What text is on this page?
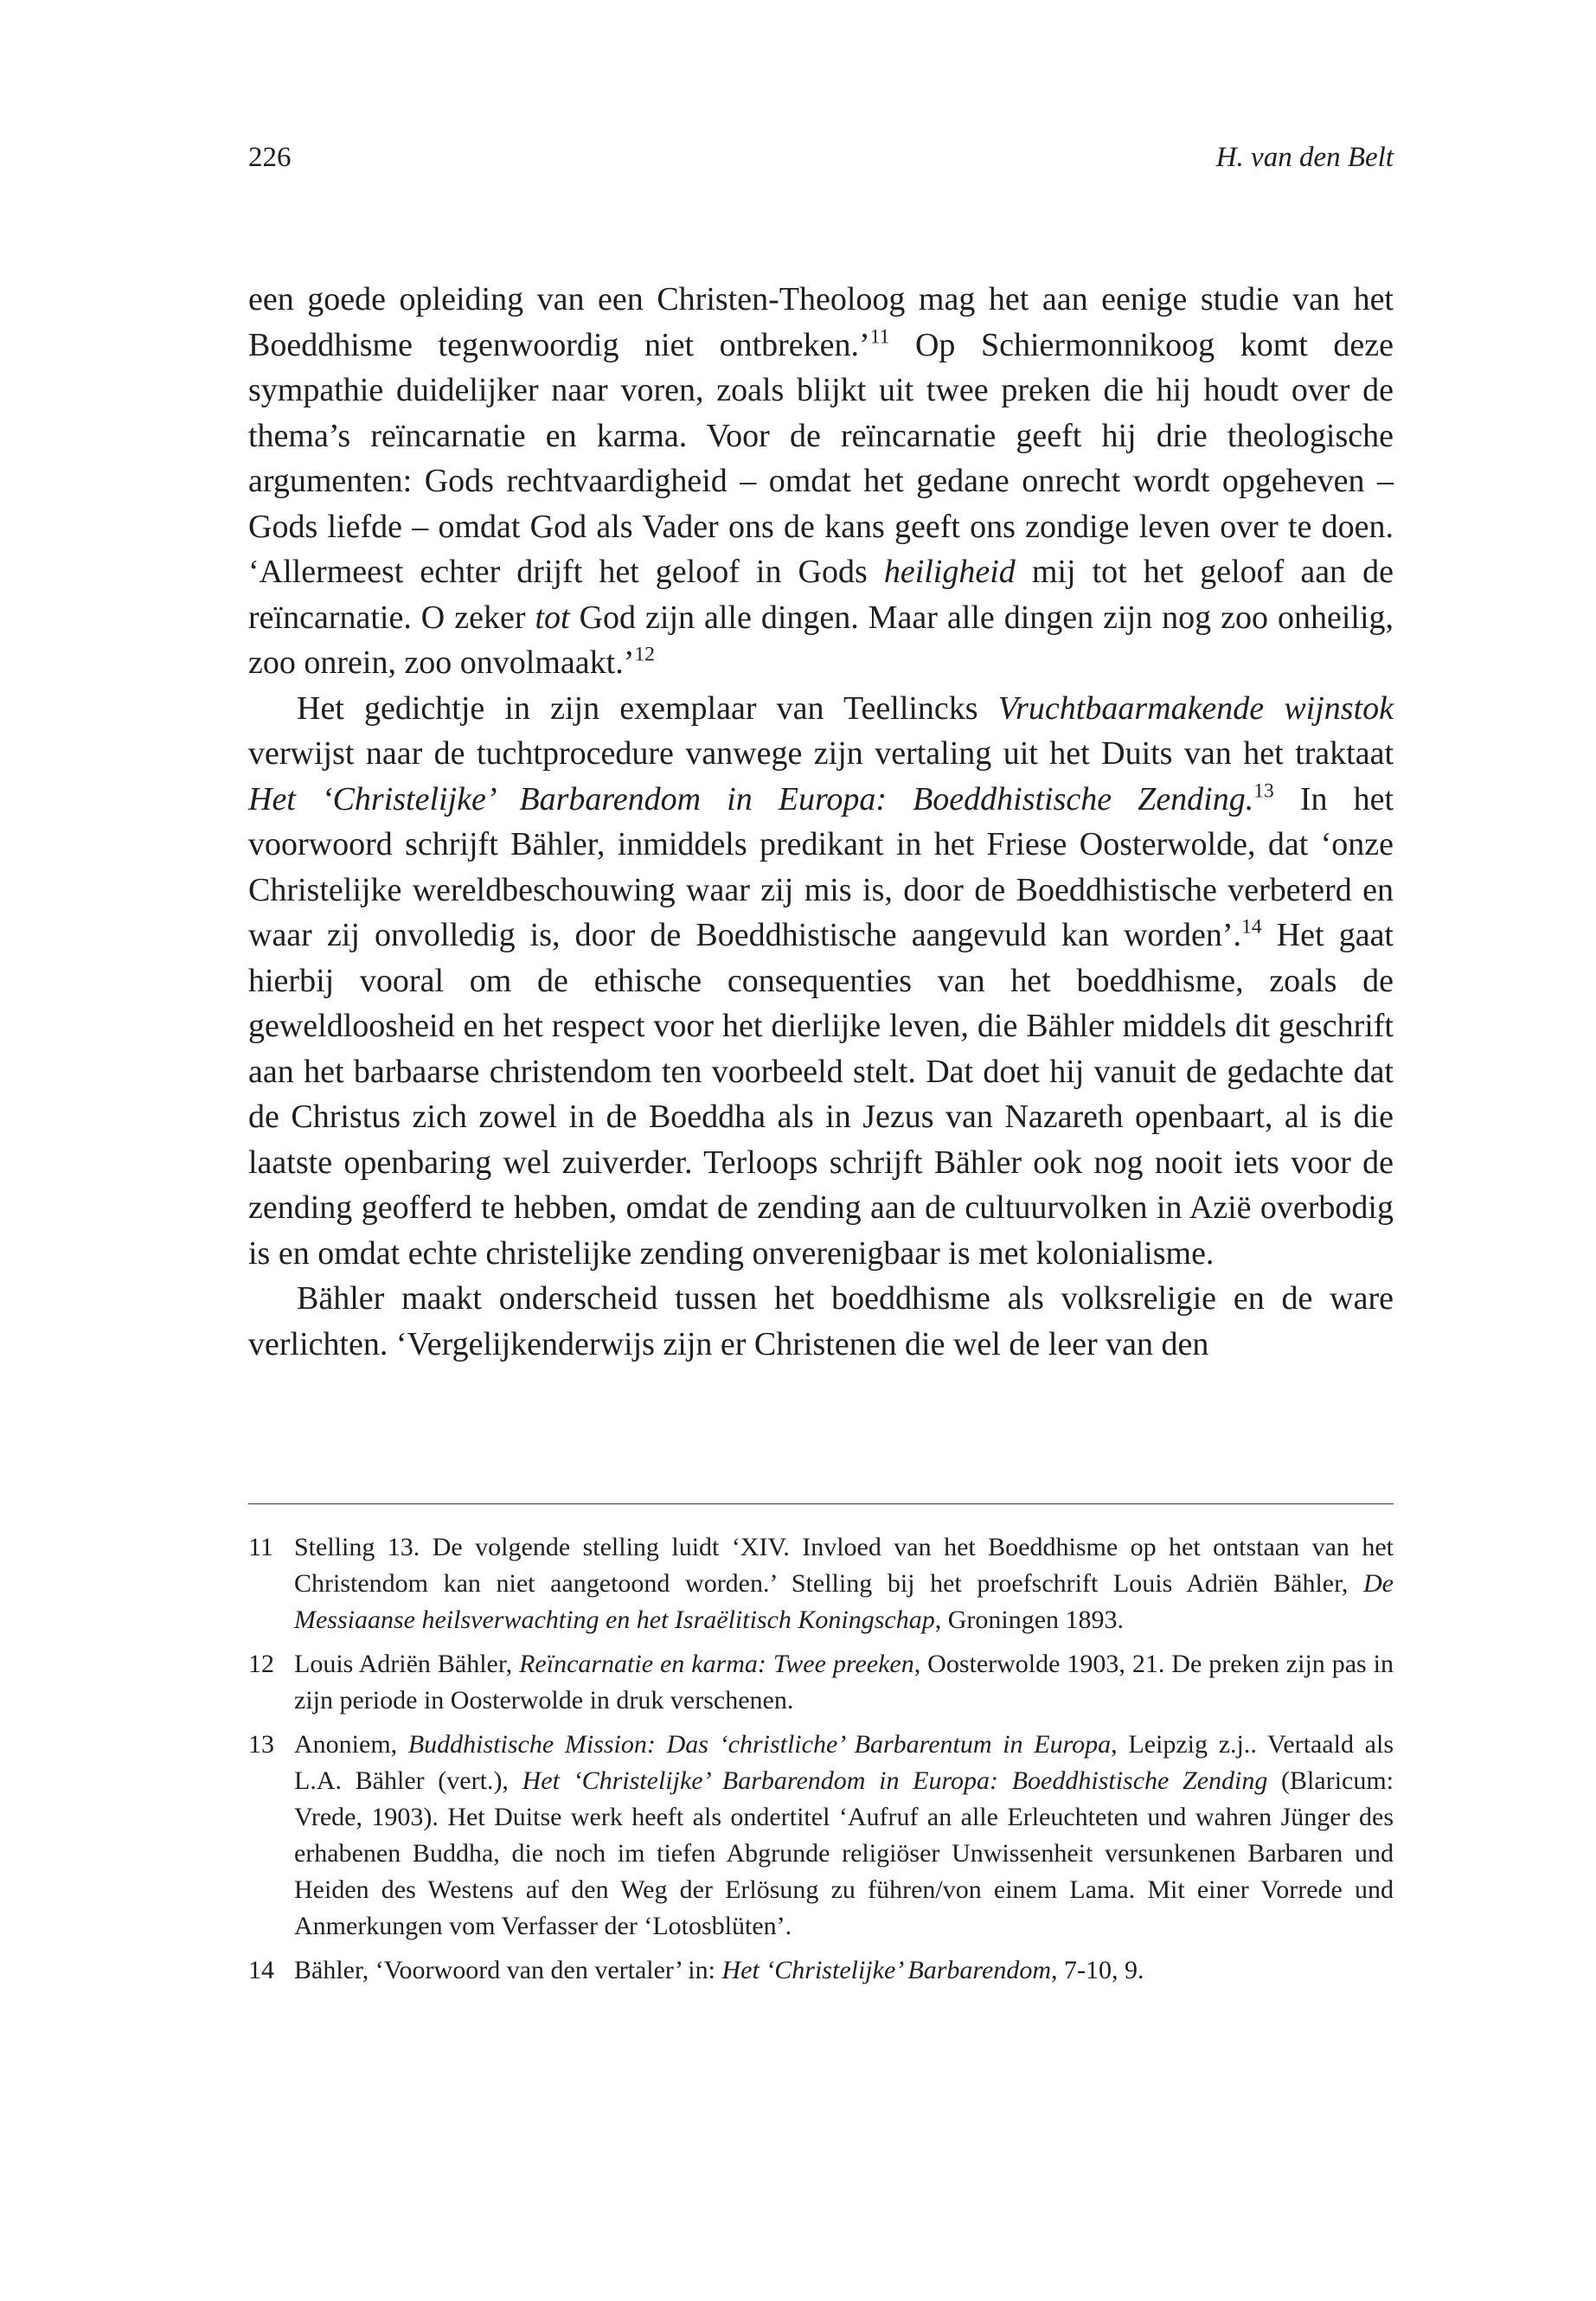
226	H. van den Belt

een goede opleiding van een Christen-Theoloog mag het aan eenige studie van het Boeddhisme tegenwoordig niet ontbreken.’$^{11}$ Op Schiermonnikoog komt deze sympathie duidelijker naar voren, zoals blijkt uit twee preken die hij houdt over de thema’s reïncarnatie en karma. Voor de reïncarnatie geeft hij drie theologische argumenten: Gods rechtvaardigheid – omdat het gedane onrecht wordt opgeheven – Gods liefde – omdat God als Vader ons de kans geeft ons zondige leven over te doen. ‘Allermeest echter drijft het geloof in Gods heiligheid mij tot het geloof aan de reïncarnatie. O zeker tot God zijn alle dingen. Maar alle dingen zijn nog zoo onheilig, zoo onrein, zoo onvolmaakt.’$^{12}$

Het gedichtje in zijn exemplaar van Teellincks Vruchtbaarmakende wijnstok verwijst naar de tuchtprocedure vanwege zijn vertaling uit het Duits van het traktaat Het ‘Christelijke’ Barbarendom in Europa: Boeddhistische Zending.$^{13}$ In het voorwoord schrijft Bähler, inmiddels predikant in het Friese Oosterwolde, dat ‘onze Christelijke wereldbeschouwing waar zij mis is, door de Boeddhistische verbeterd en waar zij onvolledig is, door de Boeddhistische aangevuld kan worden’.$^{14}$ Het gaat hierbij vooral om de ethische consequenties van het boeddhisme, zoals de geweldloosheid en het respect voor het dierlijke leven, die Bähler middels dit geschrift aan het barbaarse christendom ten voorbeeld stelt. Dat doet hij vanuit de gedachte dat de Christus zich zowel in de Boeddha als in Jezus van Nazareth openbaart, al is die laatste openbaring wel zuiverder. Terloops schrijft Bähler ook nog nooit iets voor de zending geofferd te hebben, omdat de zending aan de cultuurvolken in Azië overbodig is en omdat echte christelijke zending onverenigbaar is met kolonialisme.

Bähler maakt onderscheid tussen het boeddhisme als volksreligie en de ware verlichten. ‘Vergelijkenderwijs zijn er Christenen die wel de leer van den

11 Stelling 13. De volgende stelling luidt ‘XIV. Invloed van het Boeddhisme op het ontstaan van het Christendom kan niet aangetoond worden.’ Stelling bij het proefschrift Louis Adriën Bähler, De Messiaanse heilsverwachting en het Israëlitisch Koningschap, Groningen 1893.
12 Louis Adriën Bähler, Reïncarnatie en karma: Twee preeken, Oosterwolde 1903, 21. De preken zijn pas in zijn periode in Oosterwolde in druk verschenen.
13 Anoniem, Buddhistische Mission: Das ‘christliche’ Barbarentum in Europa, Leipzig z.j.. Vertaald als L.A. Bähler (vert.), Het ‘Christelijke’ Barbarendom in Europa: Boeddhistische Zending (Blaricum: Vrede, 1903). Het Duitse werk heeft als ondertitel ‘Aufruf an alle Erleuchteten und wahren Jünger des erhabenen Buddha, die noch im tiefen Abgrunde religiöser Unwissenheit versunkenen Barbaren und Heiden des Westens auf den Weg der Erlösung zu führen/von einem Lama. Mit einer Vorrede und Anmerkungen vom Verfasser der ‘Lotosblüten’.
14 Bähler, ‘Voorwoord van den vertaler’ in: Het ‘Christelijke’ Barbarendom, 7-10, 9.
